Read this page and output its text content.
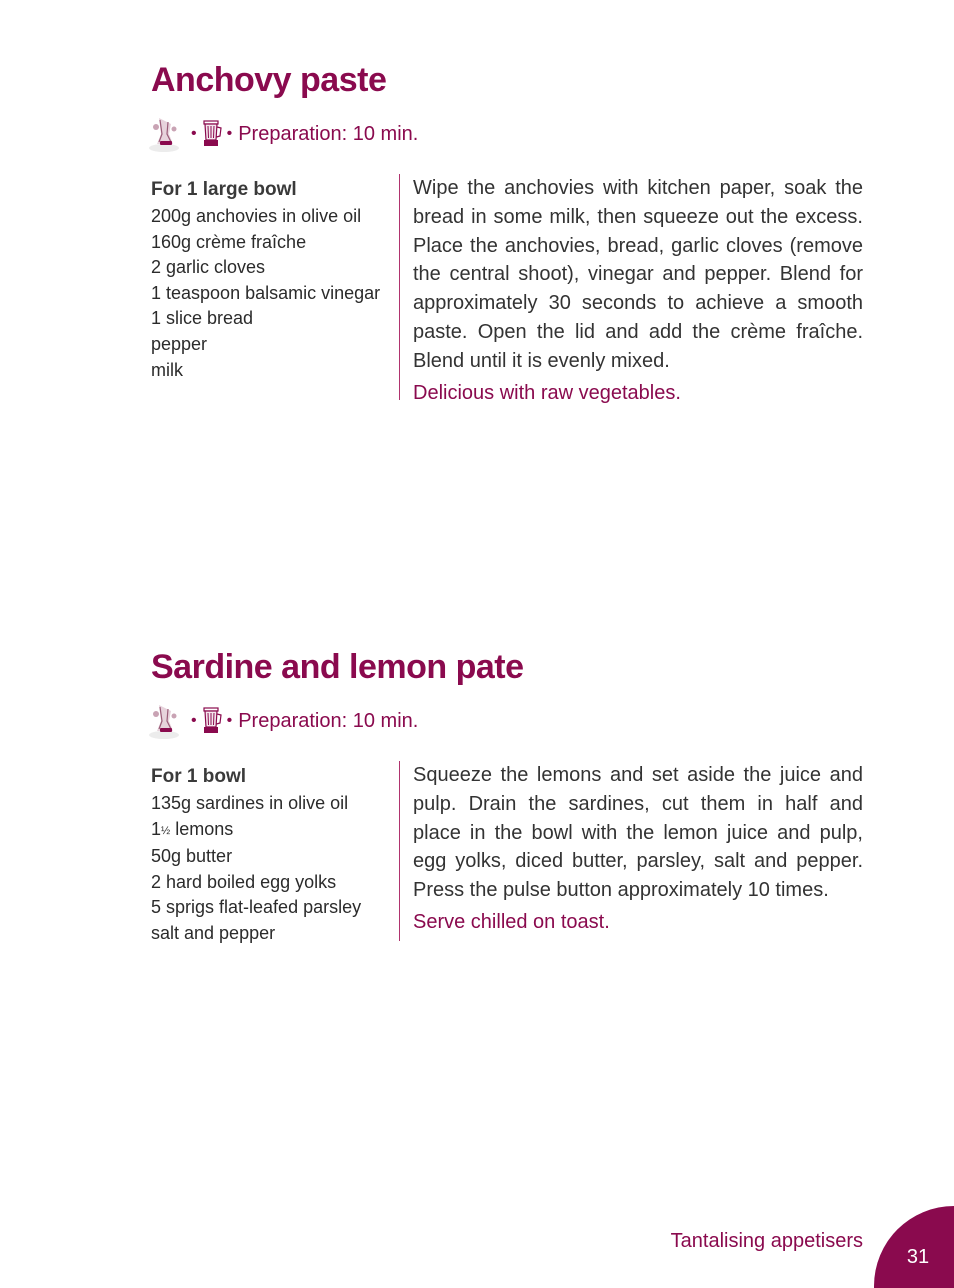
Anchovy paste
• • Preparation: 10 min.
For 1 large bowl
200g anchovies in olive oil
160g crème fraîche
2 garlic cloves
1 teaspoon balsamic vinegar
1 slice bread
pepper
milk

Wipe the anchovies with kitchen paper, soak the bread in some milk, then squeeze out the excess. Place the anchovies, bread, garlic cloves (remove the central shoot), vinegar and pepper. Blend for approximately 30 seconds to achieve a smooth paste. Open the lid and add the crème fraîche. Blend until it is evenly mixed.

Delicious with raw vegetables.

Sardine and lemon pate
• • Preparation: 10 min.
For 1 bowl
135g sardines in olive oil
1½ lemons
50g butter
2 hard boiled egg yolks
5 sprigs flat-leafed parsley
salt and pepper

Squeeze the lemons and set aside the juice and pulp. Drain the sardines, cut them in half and place in the bowl with the lemon juice and pulp, egg yolks, diced butter, parsley, salt and pepper. Press the pulse button approximately 10 times.

Serve chilled on toast.

Tantalising appetisers
31
